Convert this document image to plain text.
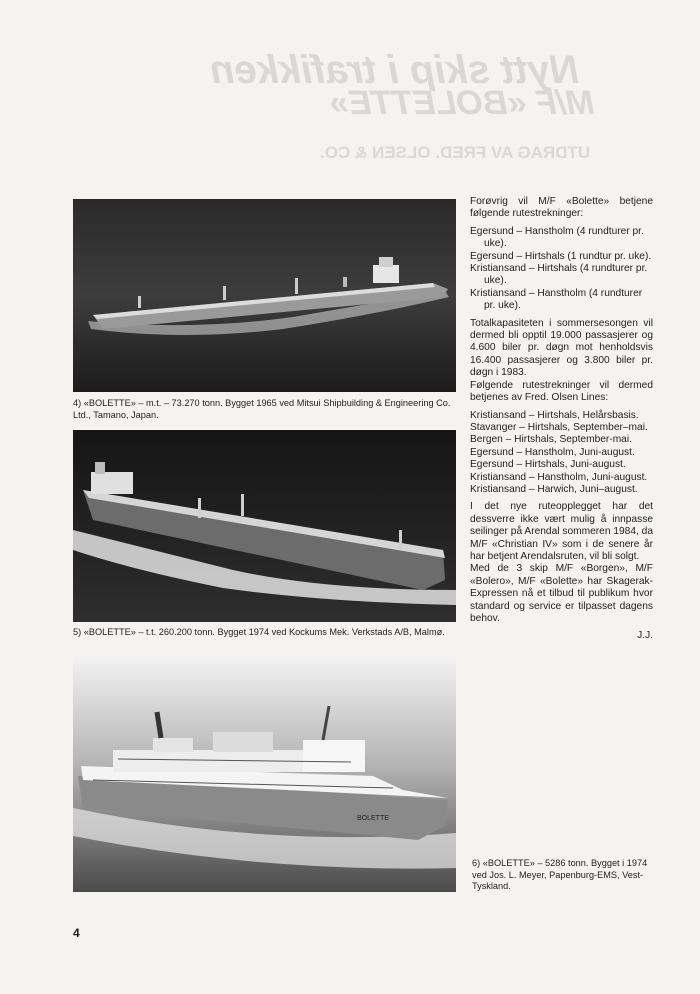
Nytt skip i trafikken
M/F «BOLETTE»
UTDRAG AV FRED. OLSEN & CO.
4) «BOLETTE» – m.t. – 73.270 tonn. Bygget 1965 ved Mitsui Shipbuilding & Engineering Co. Ltd., Tamano, Japan.
5) «BOLETTE» – t.t. 260.200 tonn. Bygget 1974 ved Kockums Mek. Verkstads A/B, Malmø.
BOLETTE
6) «BOLETTE» – 5286 tonn. Bygget i 1974 ved Jos. L. Meyer, Papenburg-EMS, Vest-Tyskland.

Forøvrig vil M/F «Bolette» betjene følgende rutestrekninger:

Egersund – Hanstholm (4 rundturer pr. uke).

Egersund – Hirtshals (1 rundtur pr. uke).

Kristiansand – Hirtshals (4 rundturer pr. uke).

Kristiansand – Hanstholm (4 rundturer pr. uke).

Totalkapasiteten i sommersesongen vil dermed bli opptil 19.000 passasjerer og 4.600 biler pr. døgn mot henholdsvis 16.400 passasjerer og 3.800 biler pr. døgn i 1983.

Følgende rutestrekninger vil dermed betjenes av Fred. Olsen Lines:

Kristiansand – Hirtshals, Helårsbasis.

Stavanger – Hirtshals, September–mai.

Bergen – Hirtshals, September-mai.

Egersund – Hanstholm, Juni-august.

Egersund – Hirtshals, Juni-august.

Kristiansand – Hanstholm, Juni-august.

Kristiansand – Harwich, Juni–august.

I det nye ruteopplegget har det dessverre ikke vært mulig å innpasse seilinger på Arendal sommeren 1984, da M/F «Christian IV» som i de senere år har betjent Arendalsruten, vil bli solgt.

Med de 3 skip M/F «Borgen», M/F «Bolero», M/F «Bolette» har Skagerak-Expressen nå et tilbud til publikum hvor standard og service er tilpasset dagens behov.

J.J.

4
